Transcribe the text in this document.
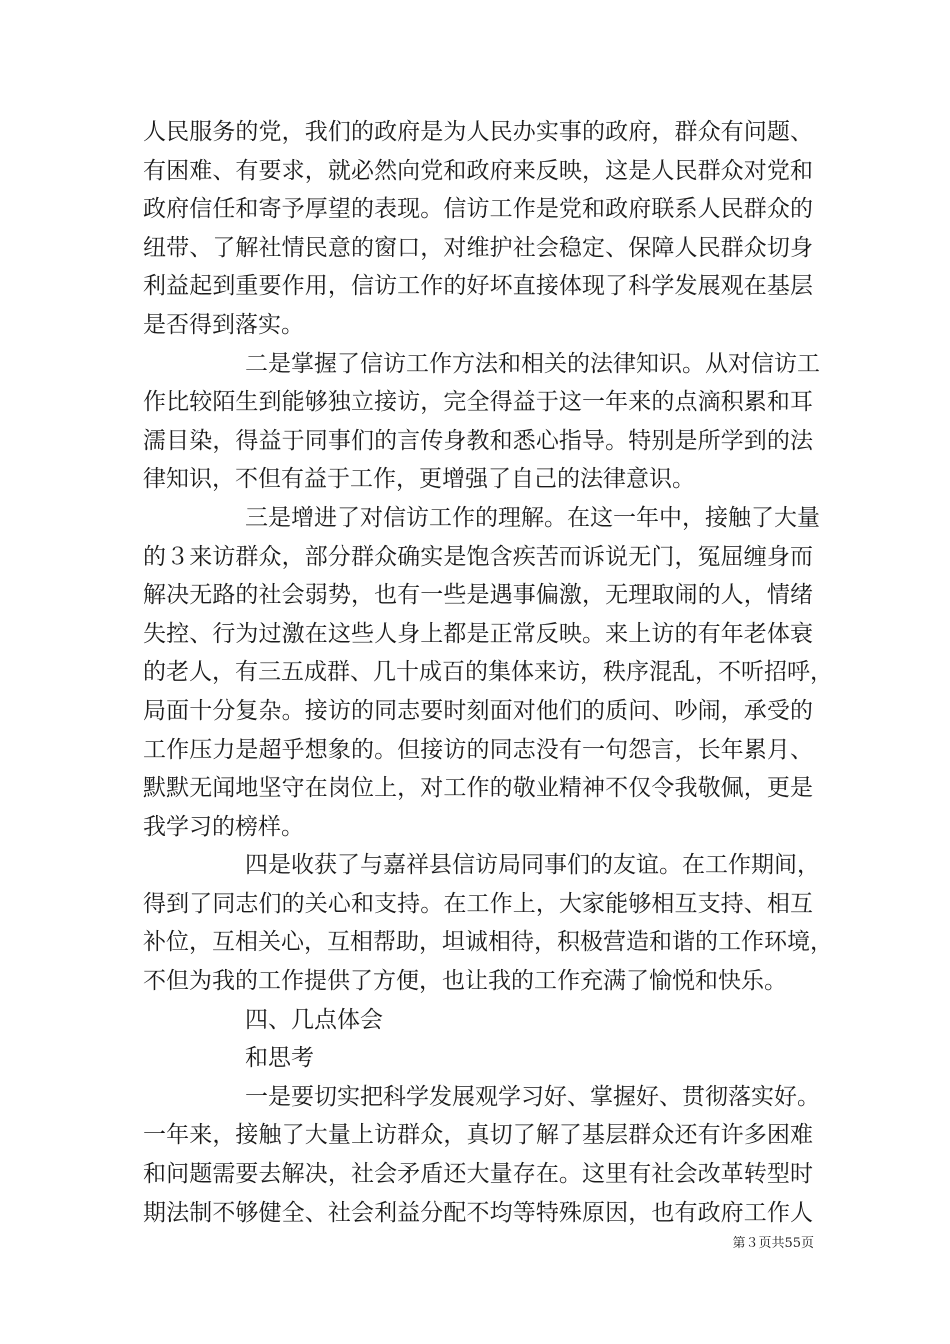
人民服务的党，我们的政府是为人民办实事的政府，群众有问题、
有困难、有要求，就必然向党和政府来反映，这是人民群众对党和
政府信任和寄予厚望的表现。信访工作是党和政府联系人民群众的
纽带、了解社情民意的窗口，对维护社会稳定、保障人民群众切身
利益起到重要作用，信访工作的好坏直接体现了科学发展观在基层
是否得到落实。
二是掌握了信访工作方法和相关的法律知识。从对信访工
作比较陌生到能够独立接访，完全得益于这一年来的点滴积累和耳
濡目染，得益于同事们的言传身教和悉心指导。特别是所学到的法
律知识，不但有益于工作，更增强了自己的法律意识。
三是增进了对信访工作的理解。在这一年中，接触了大量
的３来访群众，部分群众确实是饱含疾苦而诉说无门，冤屈缠身而
解决无路的社会弱势，也有一些是遇事偏激，无理取闹的人，情绪
失控、行为过激在这些人身上都是正常反映。来上访的有年老体衰
的老人，有三五成群、几十成百的集体来访，秩序混乱，不听招呼，
局面十分复杂。接访的同志要时刻面对他们的质问、吵闹，承受的
工作压力是超乎想象的。但接访的同志没有一句怨言，长年累月、
默默无闻地坚守在岗位上，对工作的敬业精神不仅令我敬佩，更是
我学习的榜样。
四是收获了与嘉祥县信访局同事们的友谊。在工作期间，
得到了同志们的关心和支持。在工作上，大家能够相互支持、相互
补位，互相关心，互相帮助，坦诚相待，积极营造和谐的工作环境，
不但为我的工作提供了方便，也让我的工作充满了愉悦和快乐。
四、几点体会
和思考
一是要切实把科学发展观学习好、掌握好、贯彻落实好。
一年来，接触了大量上访群众，真切了解了基层群众还有许多困难
和问题需要去解决，社会矛盾还大量存在。这里有社会改革转型时
期法制不够健全、社会利益分配不均等特殊原因，也有政府工作人
第３页共55页
